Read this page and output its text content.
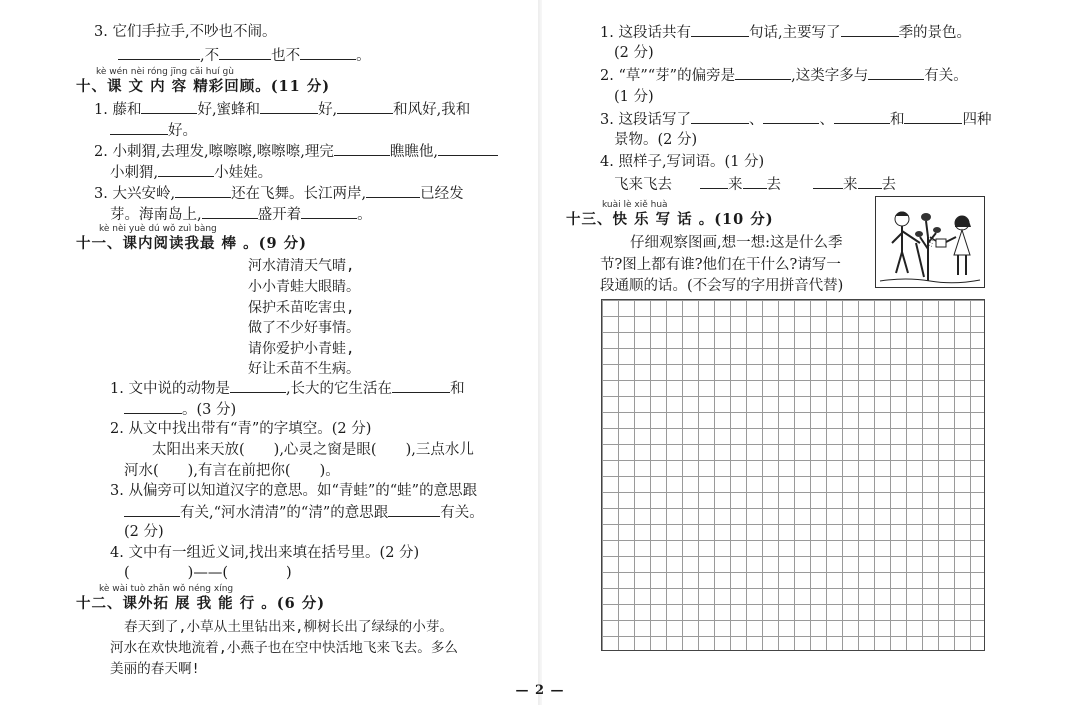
3. 它们手拉手,不吵也不闹。
,不	也不	。
kè wén nèi róng jīng cǎi huí gù
十、课 文 内 容 精彩回顾。(11 分)
1. 藤和	好,蜜蜂和	好,	和风好,我和
好。
2. 小刺猬,去理发,嚓嚓嚓,嚓嚓嚓,理完	瞧瞧他,
小刺猬,	小娃娃。
3. 大兴安岭,	还在飞舞。长江两岸,	已经发
芽。海南岛上,	盛开着	。
kè nèi yuè dú wǒ zuì bàng
十一、课内阅读我最 棒 。(9 分)
河水清清天气晴,
小小青蛙大眼睛。
保护禾苗吃害虫,
做了不少好事情。
请你爱护小青蛙,
好让禾苗不生病。
1. 文中说的动物是	,长大的它生活在	和
。(3 分)
2. 从文中找出带有“青”的字填空。(2 分)
太阳出来天放(　　),心灵之窗是眼(　　),三点水儿
河水(　　),有言在前把你(　　)。
3. 从偏旁可以知道汉字的意思。如“青蛙”的“蛙”的意思跟
有关,“河水清清”的“清”的意思跟	有关。
(2 分)
4. 文中有一组近义词,找出来填在括号里。(2 分)
(　　　　)——(　　　　)
kè wài tuò zhǎn wǒ néng xíng
十二、课外拓 展 我 能 行 。(6 分)
春天到了,小草从土里钻出来,柳树长出了绿绿的小芽。
河水在欢快地流着,小燕子也在空中快活地飞来飞去。多么
美丽的春天啊!
1. 这段话共有	句话,主要写了	季的景色。
(2 分)
2. “草”“芽”的偏旁是	,这类字多与	有关。
(1 分)
3. 这段话写了	、	、	和	四种
景物。(2 分)
4. 照样子,写词语。(1 分)
飞来飞去	来 去	来 去
kuài lè xiě huà
十三、快 乐 写 话 。(10 分)
仔细观察图画,想一想:这是什么季
节?图上都有谁?他们在干什么?请写一
段通顺的话。(不会写的字用拼音代替)
— 2 —
